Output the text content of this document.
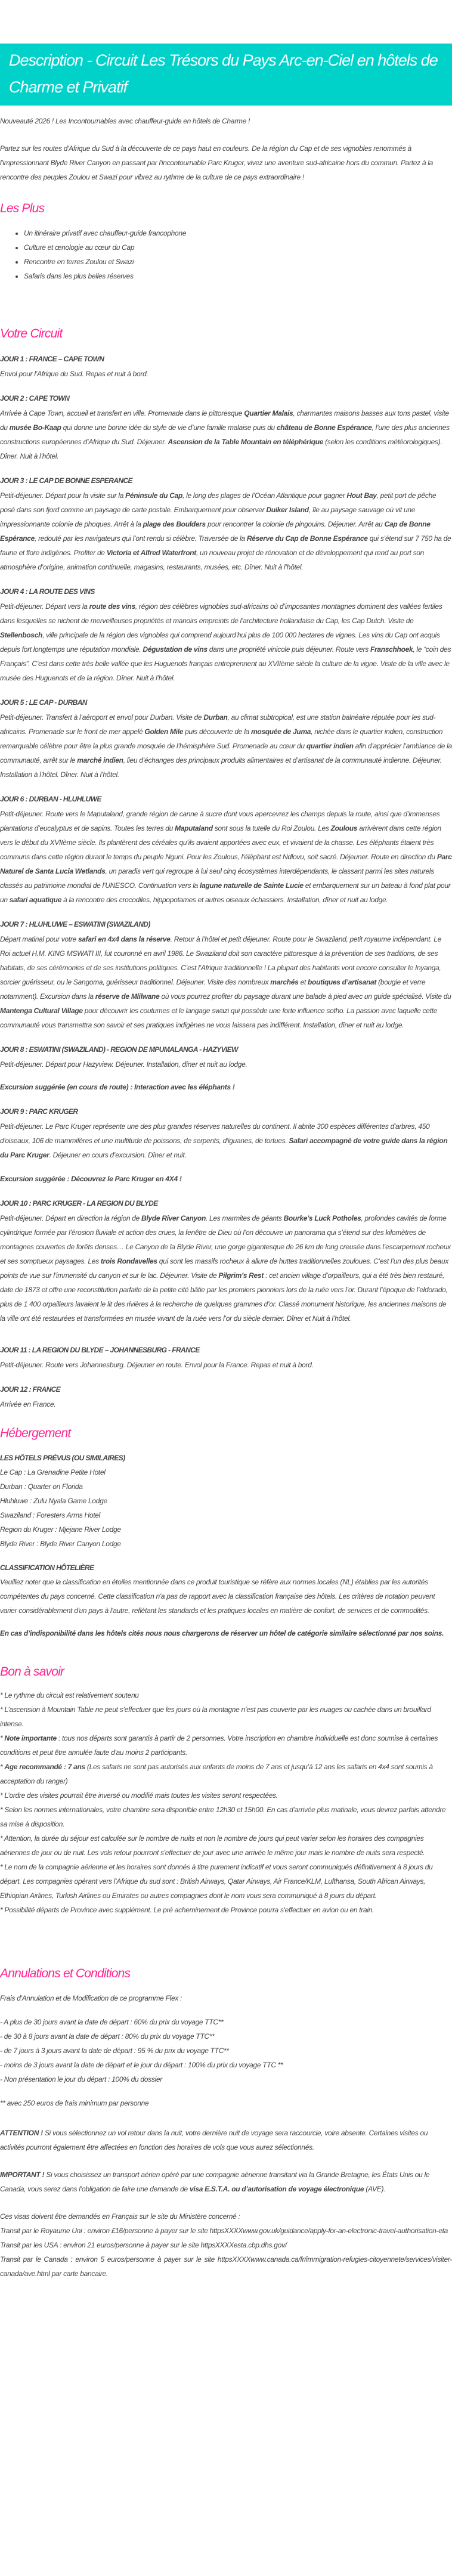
Description - Circuit Les Trésors du Pays Arc-en-Ciel en hôtels de Charme et Privatif

Nouveauté 2026 ! Les Incontournables avec chauffeur-guide en hôtels de Charme !

Partez sur les routes d'Afrique du Sud à la découverte de ce pays haut en couleurs. De la région du Cap et de ses vignobles renommés à l'impressionnant Blyde River Canyon en passant par l'incontournable Parc Kruger, vivez une aventure sud-africaine hors du commun. Partez à la rencontre des peuples Zoulou et Swazi pour vibrez au rythme de la culture de ce pays extraordinaire !

Les Plus
• Un itinéraire privatif avec chauffeur-guide francophone
• Culture et œnologie au cœur du Cap
• Rencontre en terres Zoulou et Swazi
• Safaris dans les plus belles réserves
Votre Circuit

JOUR 1 : FRANCE – CAPE TOWN

Envol pour l’Afrique du Sud. Repas et nuit à bord.

JOUR 2 : CAPE TOWN

Arrivée à Cape Town, accueil et transfert en ville. Promenade dans le pittoresque Quartier Malais, charmantes maisons basses aux tons pastel, visite du musée Bo-Kaap qui donne une bonne idée du style de vie d’une famille malaise puis du château de Bonne Espérance, l’une des plus anciennes constructions européennes d’Afrique du Sud. Déjeuner. Ascension de la Table Mountain en téléphérique (selon les conditions météorologiques). Dîner. Nuit à l’hôtel.

JOUR 3 : LE CAP DE BONNE ESPERANCE

Petit-déjeuner. Départ pour la visite sur la Péninsule du Cap, le long des plages de l’Océan Atlantique pour gagner Hout Bay, petit port de pêche posé dans son fjord comme un paysage de carte postale. Embarquement pour observer Duiker Island, île au paysage sauvage où vit une impressionnante colonie de phoques. Arrêt à la plage des Boulders pour rencontrer la colonie de pingouins. Déjeuner. Arrêt au Cap de Bonne Espérance, redouté par les navigateurs qui l’ont rendu si célèbre. Traversée de la Réserve du Cap de Bonne Espérance qui s’étend sur 7 750 ha de faune et flore indigènes. Profiter de Victoria et Alfred Waterfront, un nouveau projet de rénovation et de développement qui rend au port son atmosphère d’origine, animation continuelle, magasins, restaurants, musées, etc. Dîner. Nuit à l’hôtel.

JOUR 4 : LA ROUTE DES VINS

Petit-déjeuner. Départ vers la route des vins, région des célèbres vignobles sud-africains où d’imposantes montagnes dominent des vallées fertiles dans lesquelles se nichent de merveilleuses propriétés et manoirs empreints de l’architecture hollandaise du Cap, les Cap Dutch. Visite de Stellenbosch, ville principale de la région des vignobles qui comprend aujourd’hui plus de 100 000 hectares de vignes. Les vins du Cap ont acquis depuis fort longtemps une réputation mondiale. Dégustation de vins dans une propriété vinicole puis déjeuner. Route vers Franschhoek, le “coin des Français”. C’est dans cette très belle vallée que les Huguenots français entreprennent au XVIIème siècle la culture de la vigne. Visite de la ville avec le musée des Huguenots et de la région. Dîner. Nuit à l’hôtel.

JOUR 5 : LE CAP - DURBAN

Petit-déjeuner. Transfert à l’aéroport et envol pour Durban. Visite de Durban, au climat subtropical, est une station balnéaire réputée pour les sud-africains. Promenade sur le front de mer appelé Golden Mile puis découverte de la mosquée de Juma, nichée dans le quartier indien, construction remarquable célèbre pour être la plus grande mosquée de l’hémisphère Sud. Promenade au cœur du quartier indien afin d’apprécier l’ambiance de la communauté, arrêt sur le marché indien, lieu d’échanges des principaux produits alimentaires et d’artisanat de la communauté indienne. Déjeuner. Installation à l’hôtel. Dîner. Nuit à l’hôtel.

JOUR 6 : DURBAN - HLUHLUWE

Petit-déjeuner. Route vers le Maputaland, grande région de canne à sucre dont vous apercevrez les champs depuis la route, ainsi que d’immenses plantations d’eucalyptus et de sapins. Toutes les terres du Maputaland sont sous la tutelle du Roi Zoulou. Les Zoulous arrivèrent dans cette région vers le début du XVIIème siècle. Ils plantèrent des céréales qu’ils avaient apportées avec eux, et vivaient de la chasse. Les éléphants étaient très communs dans cette région durant le temps du peuple Nguni. Pour les Zoulous, l’éléphant est Ndlovu, soit sacré. Déjeuner. Route en direction du Parc Naturel de Santa Lucia Wetlands, un paradis vert qui regroupe à lui seul cinq écosystèmes interdépendants, le classant parmi les sites naturels classés au patrimoine mondial de l’UNESCO. Continuation vers la lagune naturelle de Sainte Lucie et embarquement sur un bateau à fond plat pour un safari aquatique à la rencontre des crocodiles, hippopotames et autres oiseaux échassiers. Installation, dîner et nuit au lodge.

JOUR 7 : HLUHLUWE – ESWATINI (SWAZILAND)

Départ matinal pour votre safari en 4x4 dans la réserve. Retour à l’hôtel et petit déjeuner. Route pour le Swaziland, petit royaume indépendant. Le Roi actuel H.M. KING MSWATI III, fut couronné en avril 1986. Le Swaziland doit son caractère pittoresque à la prévention de ses traditions, de ses habitats, de ses cérémonies et de ses institutions politiques. C’est l’Afrique traditionnelle ! La plupart des habitants vont encore consulter le Inyanga, sorcier guérisseur, ou le Sangoma, guérisseur traditionnel. Déjeuner. Visite des nombreux marchés et boutiques d’artisanat (bougie et verre notamment). Excursion dans la réserve de Mlilwane où vous pourrez profiter du paysage durant une balade à pied avec un guide spécialisé. Visite du Mantenga Cultural Village pour découvrir les coutumes et le langage swazi qui possède une forte influence sotho. La passion avec laquelle cette communauté vous transmettra son savoir et ses pratiques indigènes ne vous laissera pas indifférent. Installation, dîner et nuit au lodge.

JOUR 8 : ESWATINI (SWAZILAND) - REGION DE MPUMALANGA - HAZYVIEW

Petit-déjeuner. Départ pour Hazyview. Déjeuner. Installation, dîner et nuit au lodge.

Excursion suggérée (en cours de route) : Interaction avec les éléphants !

JOUR 9 : PARC KRUGER

Petit-déjeuner. Le Parc Kruger représente une des plus grandes réserves naturelles du continent. Il abrite 300 espèces différentes d'arbres, 450 d'oiseaux, 106 de mammifères et une multitude de poissons, de serpents, d'iguanes, de tortues. Safari accompagné de votre guide dans la région du Parc Kruger. Déjeuner en cours d’excursion. Dîner et nuit.

Excursion suggérée : Découvrez le Parc Kruger en 4X4 !

JOUR 10 : PARC KRUGER - LA REGION DU BLYDE

Petit-déjeuner. Départ en direction la région de Blyde River Canyon. Les marmites de géants Bourke’s Luck Potholes, profondes cavités de forme cylindrique formée par l’érosion fluviale et action des crues, la fenêtre de Dieu où l’on découvre un panorama qui s’étend sur des kilomètres de montagnes couvertes de forêts denses… Le Canyon de la Blyde River, une gorge gigantesque de 26 km de long creusée dans l’escarpement rocheux et ses somptueux paysages. Les trois Rondavelles qui sont les massifs rocheux à allure de huttes traditionnelles zouloues. C’est l’un des plus beaux points de vue sur l’immensité du canyon et sur le lac. Déjeuner. Visite de Pilgrim’s Rest : cet ancien village d’orpailleurs, qui a été très bien restauré, date de 1873 et offre une reconstitution parfaite de la petite cité bâtie par les premiers pionniers lors de la ruée vers l’or. Durant l’époque de l’eldorado, plus de 1 400 orpailleurs lavaient le lit des rivières à la recherche de quelques grammes d’or. Classé monument historique, les anciennes maisons de la ville ont été restaurées et transformées en musée vivant de la ruée vers l’or du siècle dernier. Dîner et Nuit à l’hôtel.

JOUR 11 : LA REGION DU BLYDE – JOHANNESBURG - FRANCE

Petit-déjeuner. Route vers Johannesburg. Déjeuner en route. Envol pour la France. Repas et nuit à bord.

JOUR 12 : FRANCE

Arrivée en France.

Hébergement

LES HÔTELS PRÉVUS (OU SIMILAIRES)

Le Cap : La Grenadine Petite Hotel

Durban : Quarter on Florida

Hluhluwe : Zulu Nyala Game Lodge

Swaziland : Foresters Arms Hotel

Region du Kruger : Mjejane River Lodge

Blyde River : Blyde River Canyon Lodge

CLASSIFICATION HÔTELIÈRE

Veuillez noter que la classification en étoiles mentionnée dans ce produit touristique se réfère aux normes locales (NL) établies par les autorités compétentes du pays concerné. Cette classification n'a pas de rapport avec la classification française des hôtels. Les critères de notation peuvent varier considérablement d'un pays à l'autre, reflétant les standards et les pratiques locales en matière de confort, de services et de commodités.

En cas d’indisponibilité dans les hôtels cités nous nous chargerons de réserver un hôtel de catégorie similaire sélectionné par nos soins.

Bon à savoir

* Le rythme du circuit est relativement soutenu

* L’ascension à Mountain Table ne peut s’effectuer que les jours où la montagne n’est pas couverte par les nuages ou cachée dans un brouillard intense.

* Note importante : tous nos départs sont garantis à partir de 2 personnes. Votre inscription en chambre individuelle est donc soumise à certaines conditions et peut être annulée faute d'au moins 2 participants.

* Age recommandé : 7 ans (Les safaris ne sont pas autorisés aux enfants de moins de 7 ans et jusqu’à 12 ans les safaris en 4x4 sont soumis à acceptation du ranger)

* L’ordre des visites pourrait être inversé ou modifié mais toutes les visites seront respectées.

* Selon les normes internationales, votre chambre sera disponible entre 12h30 et 15h00. En cas d’arrivée plus matinale, vous devrez parfois attendre sa mise à disposition.

* Attention, la durée du séjour est calculée sur le nombre de nuits et non le nombre de jours qui peut varier selon les horaires des compagnies aériennes de jour ou de nuit. Les vols retour pourront s'effectuer de jour avec une arrivée le même jour mais le nombre de nuits sera respecté.

* Le nom de la compagnie aérienne et les horaires sont donnés à titre purement indicatif et vous seront communiqués définitivement à 8 jours du départ. Les compagnies opérant vers l’Afrique du sud sont : British Airways, Qatar Airways, Air France/KLM, Lufthansa, South African Airways, Ethiopian Airlines, Turkish Airlines ou Emirates ou autres compagnies dont le nom vous sera communiqué à 8 jours du départ.

* Possibilité départs de Province avec supplément. Le pré acheminement de Province pourra s'effectuer en avion ou en train.

Annulations et Conditions

Frais d'Annulation et de Modification de ce programme Flex :

- A plus de 30 jours avant la date de départ : 60% du prix du voyage TTC**

- de 30 à 8 jours avant la date de départ : 80% du prix du voyage TTC**

- de 7 jours à 3 jours avant la date de départ : 95 % du prix du voyage TTC**

- moins de 3 jours avant la date de départ et le jour du départ : 100% du prix du voyage TTC **

- Non présentation le jour du départ : 100% du dossier

** avec 250 euros de frais minimum par personne

ATTENTION ! Si vous sélectionnez un vol retour dans la nuit, votre dernière nuit de voyage sera raccourcie, voire absente. Certaines visites ou activités pourront également être affectées en fonction des horaires de vols que vous aurez sélectionnés.

IMPORTANT ! Si vous choisissez un transport aérien opéré par une compagnie aérienne transitant via la Grande Bretagne, les États Unis ou le Canada, vous serez dans l’obligation de faire une demande de visa E.S.T.A. ou d’autorisation de voyage électronique (AVE).

Ces visas doivent être demandés en Français sur le site du Ministère concerné :

Transit par le Royaume Uni : environ £16/personne à payer sur le site httpsXXXXwww.gov.uk/guidance/apply-for-an-electronic-travel-authorisation-eta

Transit par les USA : environ 21 euros/personne à payer sur le site httpsXXXXesta.cbp.dhs.gov/

Transit par le Canada : environ 5 euros/personne à payer sur le site httpsXXXXwww.canada.ca/fr/immigration-refugies-citoyennete/services/visiter-canada/ave.html par carte bancaire.
